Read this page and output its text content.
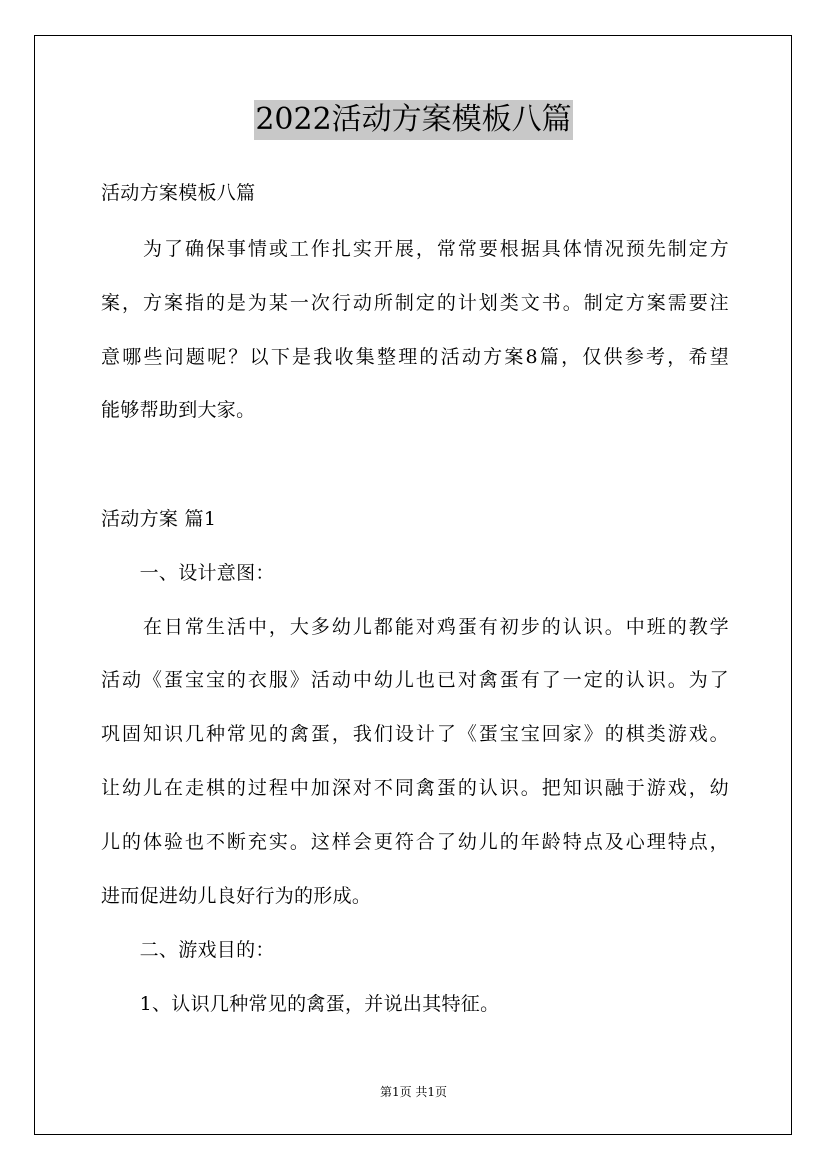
2022活动方案模板八篇
活动方案模板八篇
　　为了确保事情或工作扎实开展，常常要根据具体情况预先制定方
案，方案指的是为某一次行动所制定的计划类文书。制定方案需要注
意哪些问题呢？以下是我收集整理的活动方案8篇，仅供参考，希望
能够帮助到大家。
活动方案 篇1
　　一、设计意图：
　　在日常生活中，大多幼儿都能对鸡蛋有初步的认识。中班的教学
活动《蛋宝宝的衣服》活动中幼儿也已对禽蛋有了一定的认识。为了
巩固知识几种常见的禽蛋，我们设计了《蛋宝宝回家》的棋类游戏。
让幼儿在走棋的过程中加深对不同禽蛋的认识。把知识融于游戏，幼
儿的体验也不断充实。这样会更符合了幼儿的年龄特点及心理特点，
进而促进幼儿良好行为的形成。
　　二、游戏目的：
　　1、认识几种常见的禽蛋，并说出其特征。
第1页 共1页
